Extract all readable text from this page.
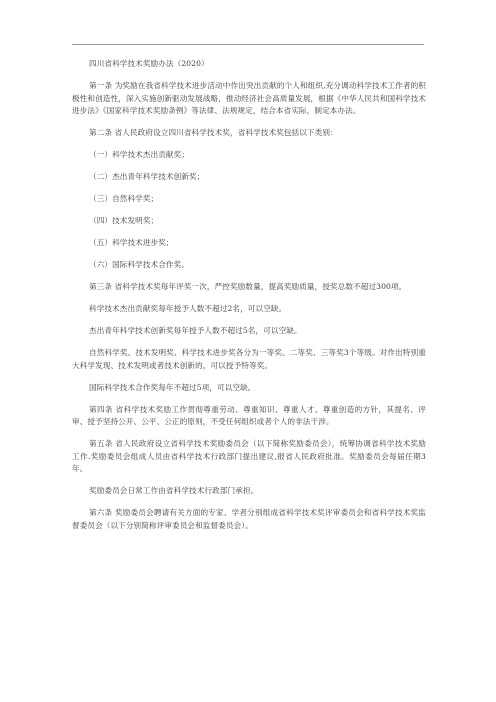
四川省科学技术奖励办法（2020）

第一条 为奖励在我省科学技术进步活动中作出突出贡献的个人和组织,充分调动科学技术工作者的积极性和创造性，深入实施创新驱动发展战略，推动经济社会高质量发展，根据《中华人民共和国科学技术进步法》《国家科学技术奖励条例》等法律、法规规定，结合本省实际，制定本办法。

第二条 省人民政府设立四川省科学技术奖，省科学技术奖包括以下类别：

（一）科学技术杰出贡献奖；

（二）杰出青年科学技术创新奖；

（三）自然科学奖；

（四）技术发明奖；

（五）科学技术进步奖；

（六）国际科学技术合作奖。

第三条 省科学技术奖每年评奖一次，严控奖励数量，提高奖励质量，授奖总数不超过300项。

科学技术杰出贡献奖每年授予人数不超过2名，可以空缺。

杰出青年科学技术创新奖每年授予人数不超过5名，可以空缺。

自然科学奖、技术发明奖、科学技术进步奖各分为一等奖、二等奖、三等奖3个等级。对作出特别重大科学发现、技术发明或者技术创新的，可以授予特等奖。

国际科学技术合作奖每年不超过5项，可以空缺。

第四条 省科学技术奖励工作贯彻尊重劳动、尊重知识、尊重人才、尊重创造的方针，其提名、评审、授予坚持公开、公平、公正的原则，不受任何组织或者个人的非法干涉。

第五条 省人民政府设立省科学技术奖励委员会（以下简称奖励委员会），统筹协调省科学技术奖励工作.奖励委员会组成人员由省科学技术行政部门提出建议,报省人民政府批准。奖励委员会每届任期3年。

奖励委员会日常工作由省科学技术行政部门承担。

第六条 奖励委员会聘请有关方面的专家、学者分别组成省科学技术奖评审委员会和省科学技术奖监督委员会（以下分别简称评审委员会和监督委员会）。
